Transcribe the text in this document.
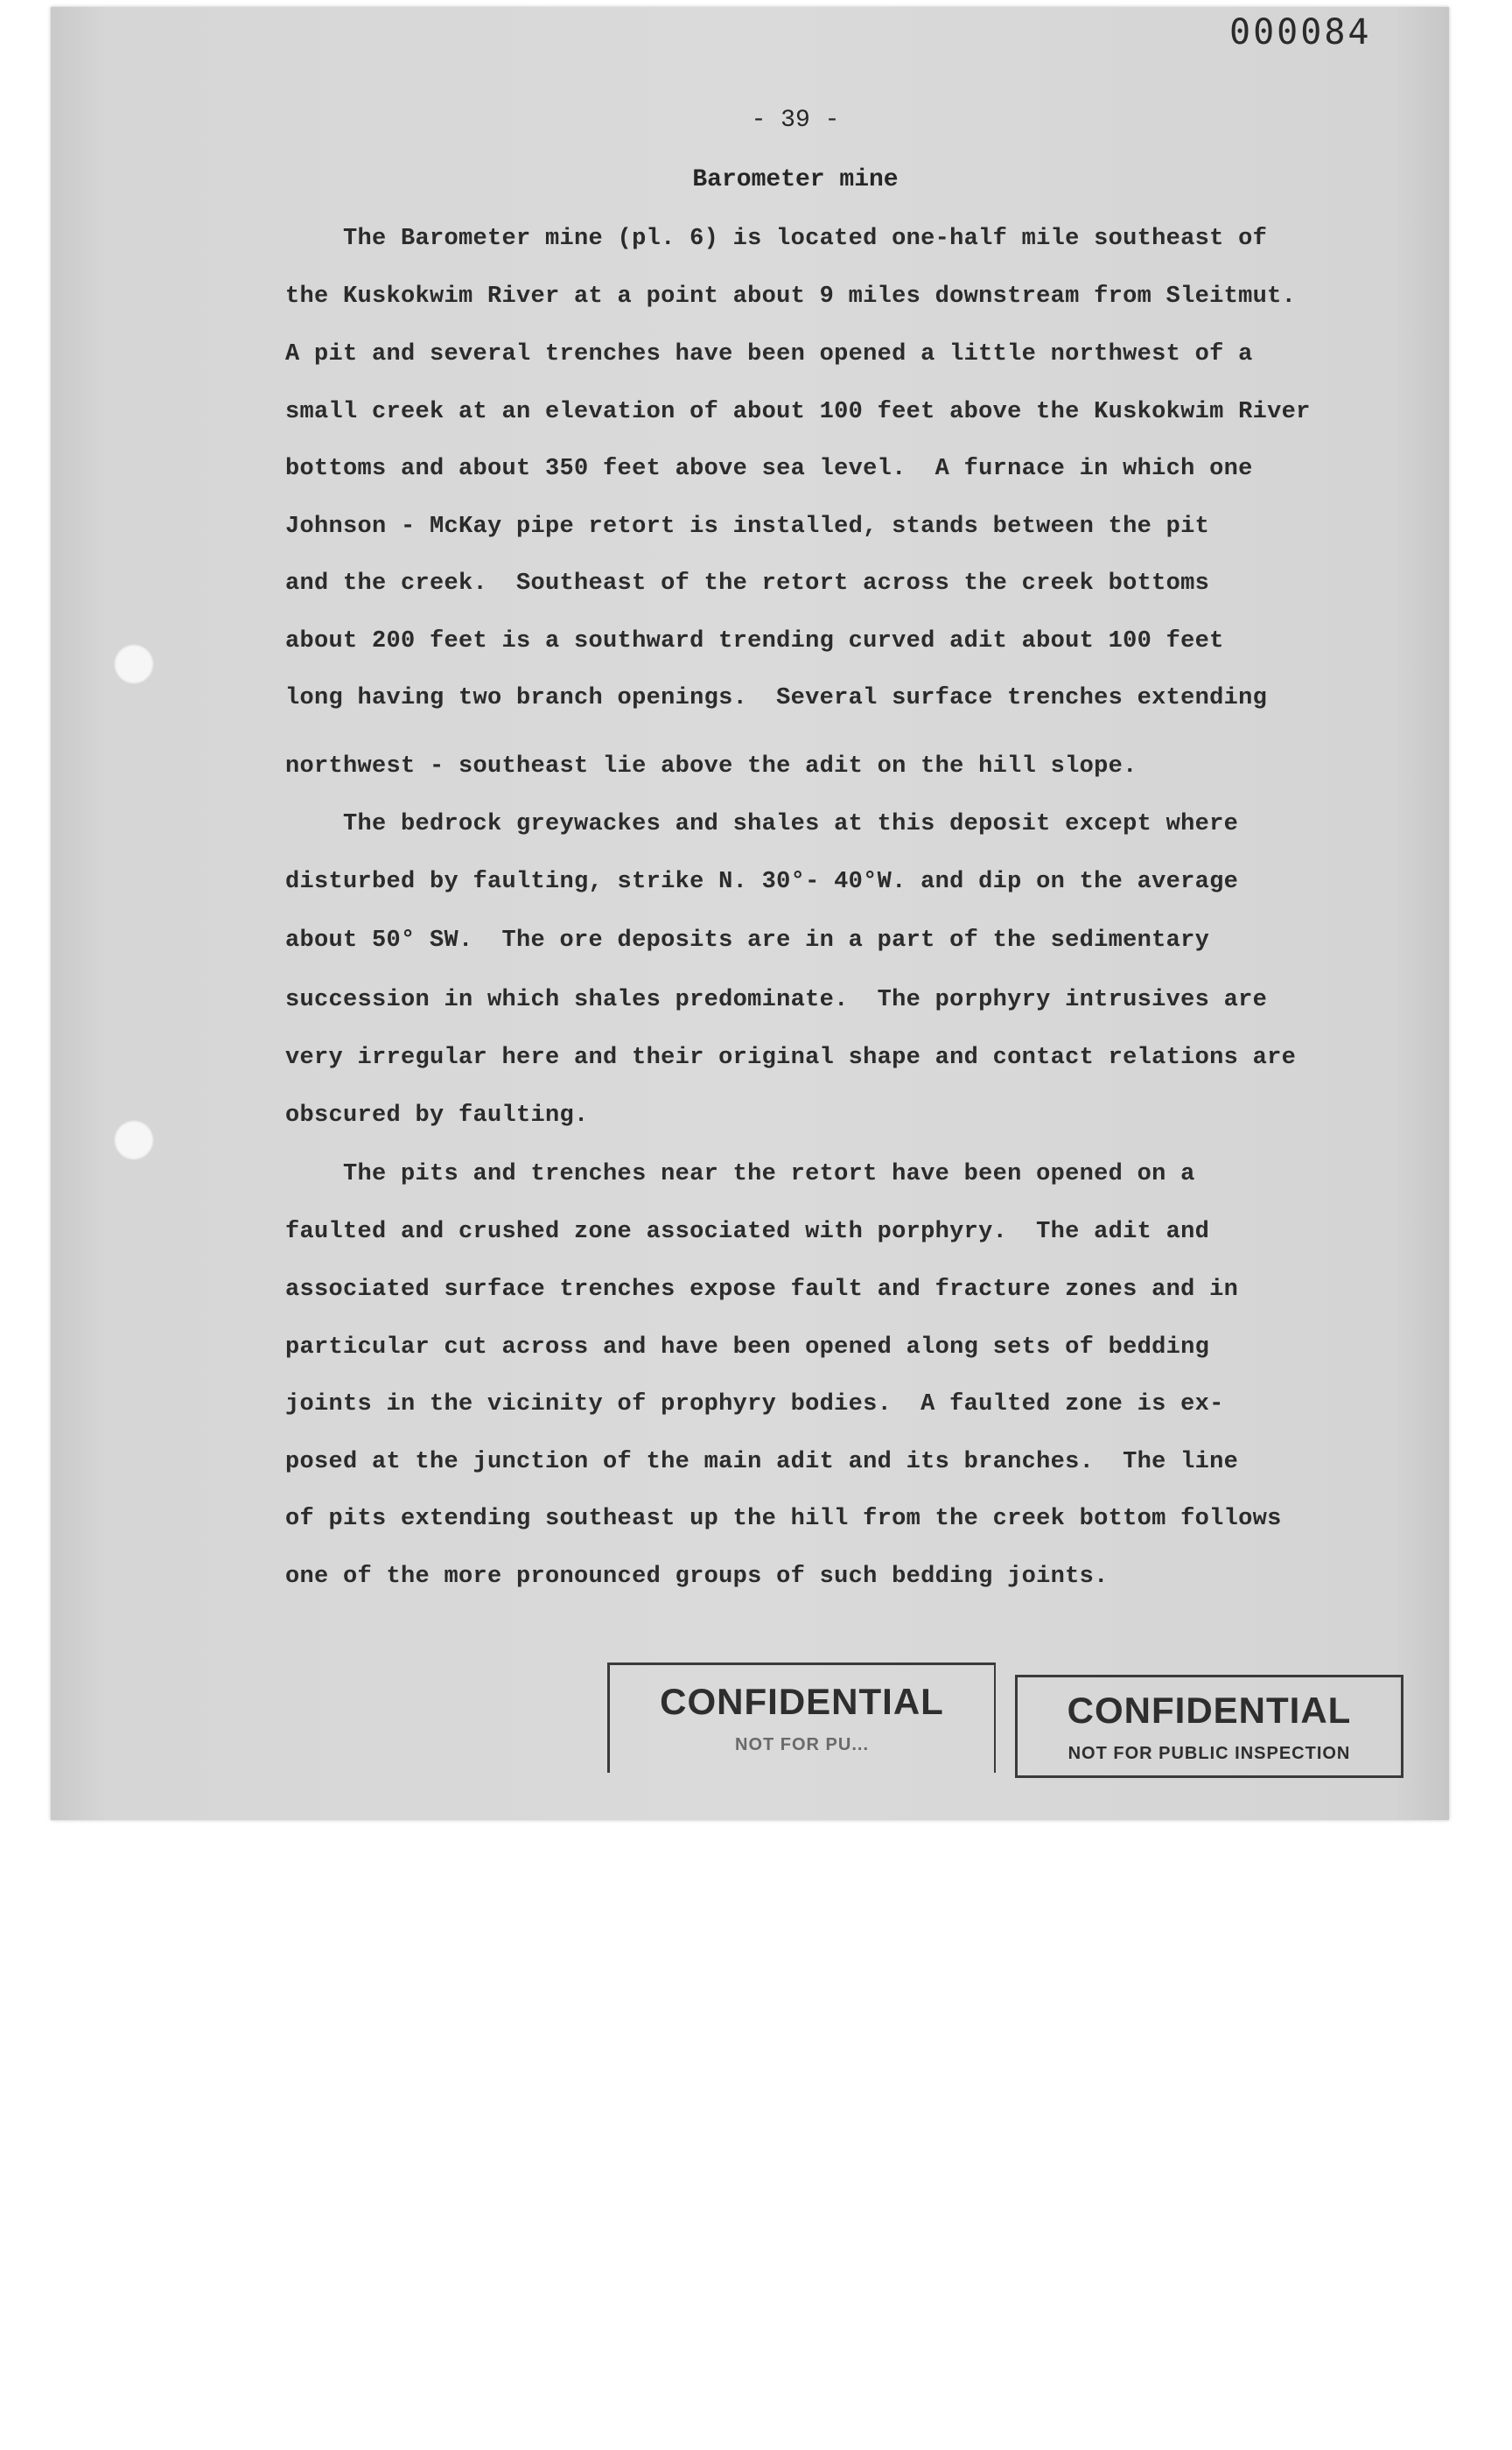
000084
- 39 -
Barometer mine
The Barometer mine (pl. 6) is located one-half mile southeast of
the Kuskokwim River at a point about 9 miles downstream from Sleitmut.
A pit and several trenches have been opened a little northwest of a
small creek at an elevation of about 100 feet above the Kuskokwim River
bottoms and about 350 feet above sea level.  A furnace in which one
Johnson - McKay pipe retort is installed, stands between the pit
and the creek.  Southeast of the retort across the creek bottoms
about 200 feet is a southward trending curved adit about 100 feet
long having two branch openings.  Several surface trenches extending
northwest - southeast lie above the adit on the hill slope.
The bedrock greywackes and shales at this deposit except where
disturbed by faulting, strike N. 30°- 40°W. and dip on the average
about 50° SW.  The ore deposits are in a part of the sedimentary
succession in which shales predominate.  The porphyry intrusives are
very irregular here and their original shape and contact relations are
obscured by faulting.
The pits and trenches near the retort have been opened on a
faulted and crushed zone associated with porphyry.  The adit and
associated surface trenches expose fault and fracture zones and in
particular cut across and have been opened along sets of bedding
joints in the vicinity of prophyry bodies.  A faulted zone is ex-
posed at the junction of the main adit and its branches.  The line
of pits extending southeast up the hill from the creek bottom follows
one of the more pronounced groups of such bedding joints.
CONFIDENTIAL
NOT FOR PU...
CONFIDENTIAL
NOT FOR PUBLIC INSPECTION
